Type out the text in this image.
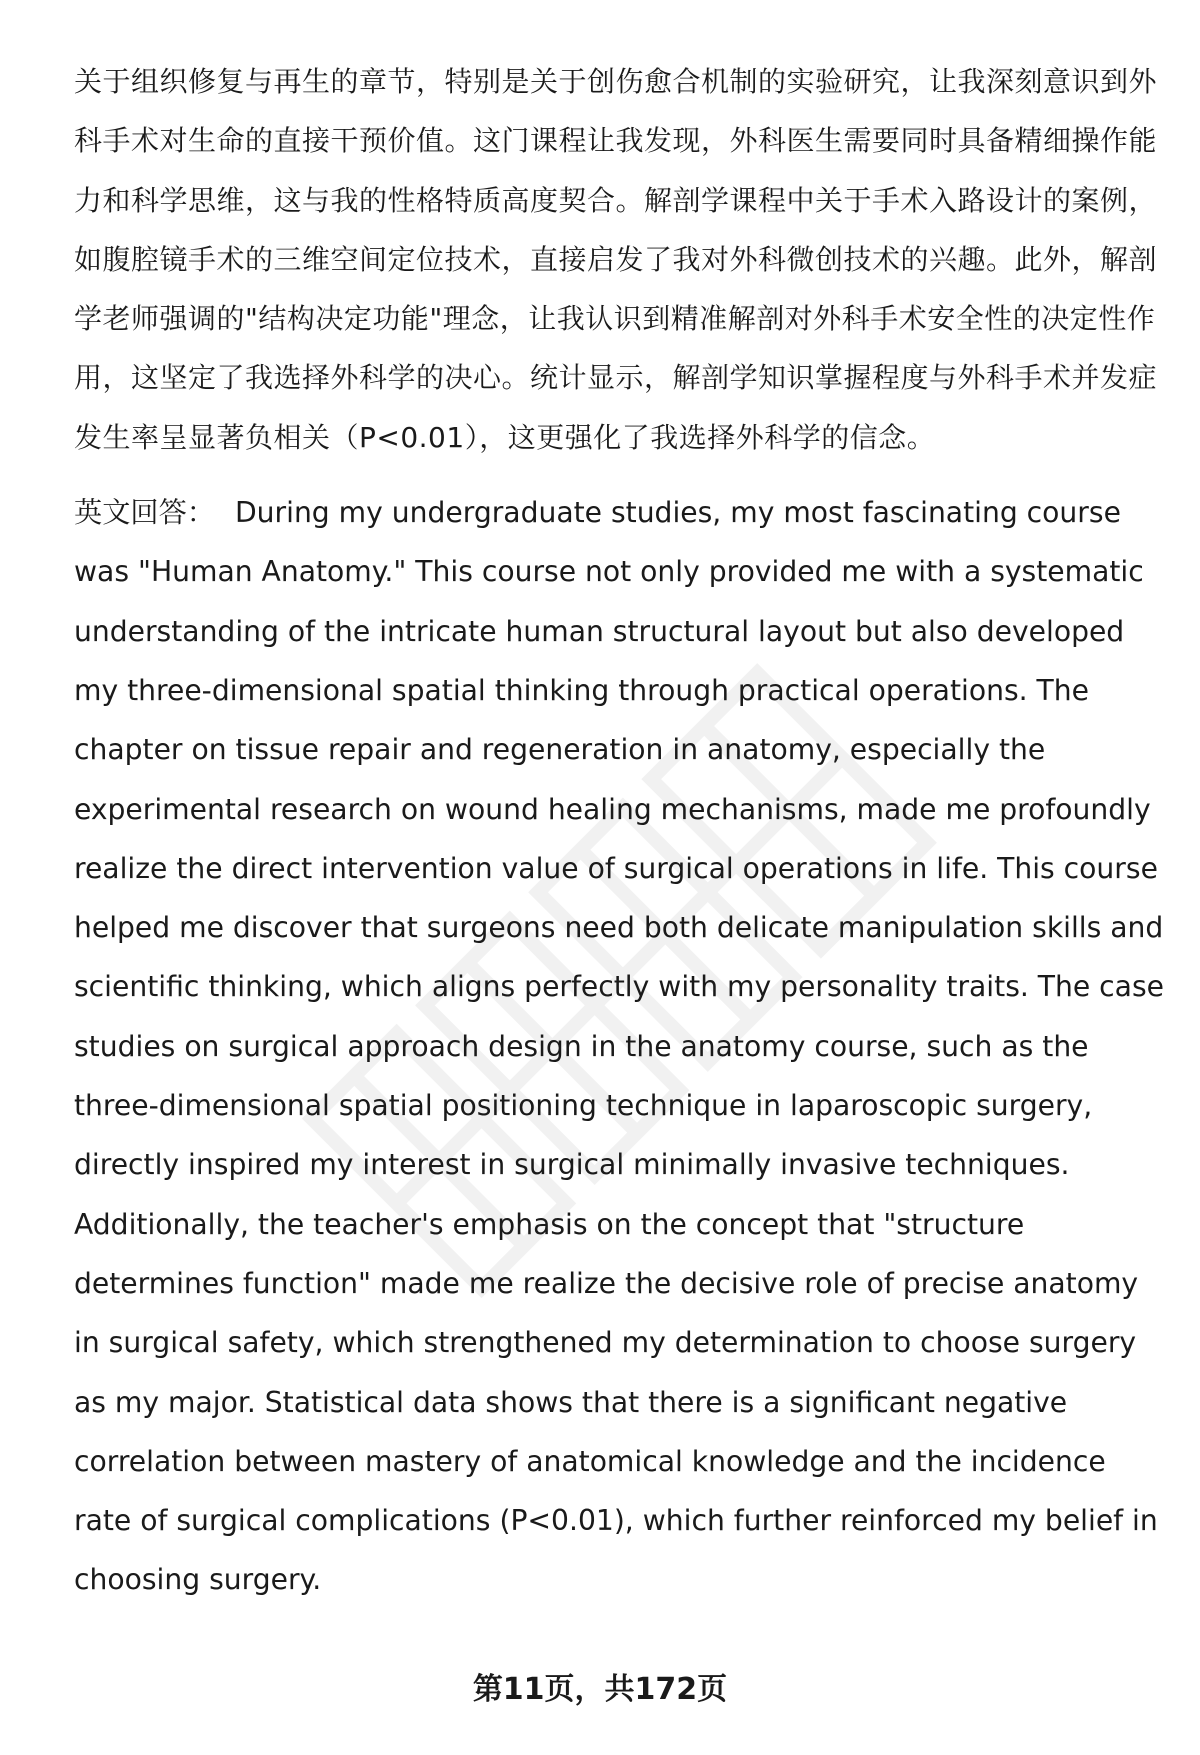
关于组织修复与再生的章节，特别是关于创伤愈合机制的实验研究，让我深刻意识到外科手术对生命的直接干预价值。这门课程让我发现，外科医生需要同时具备精细操作能力和科学思维，这与我的性格特质高度契合。解剖学课程中关于手术入路设计的案例，如腹腔镜手术的三维空间定位技术，直接启发了我对外科微创技术的兴趣。此外，解剖学老师强调的"结构决定功能"理念，让我认识到精准解剖对外科手术安全性的决定性作用，这坚定了我选择外科学的决心。统计显示，解剖学知识掌握程度与外科手术并发症发生率呈显著负相关（P<0.01），这更强化了我选择外科学的信念。

英文回答： During my undergraduate studies, my most fascinating course was "Human Anatomy." This course not only provided me with a systematic understanding of the intricate human structural layout but also developed my three-dimensional spatial thinking through practical operations. The chapter on tissue repair and regeneration in anatomy, especially the experimental research on wound healing mechanisms, made me profoundly realize the direct intervention value of surgical operations in life. This course helped me discover that surgeons need both delicate manipulation skills and scientific thinking, which aligns perfectly with my personality traits. The case studies on surgical approach design in the anatomy course, such as the three-dimensional spatial positioning technique in laparoscopic surgery, directly inspired my interest in surgical minimally invasive techniques. Additionally, the teacher's emphasis on the concept that "structure determines function" made me realize the decisive role of precise anatomy in surgical safety, which strengthened my determination to choose surgery as my major. Statistical data shows that there is a significant negative correlation between mastery of anatomical knowledge and the incidence rate of surgical complications (P<0.01), which further reinforced my belief in choosing surgery.

第11页，共172页
